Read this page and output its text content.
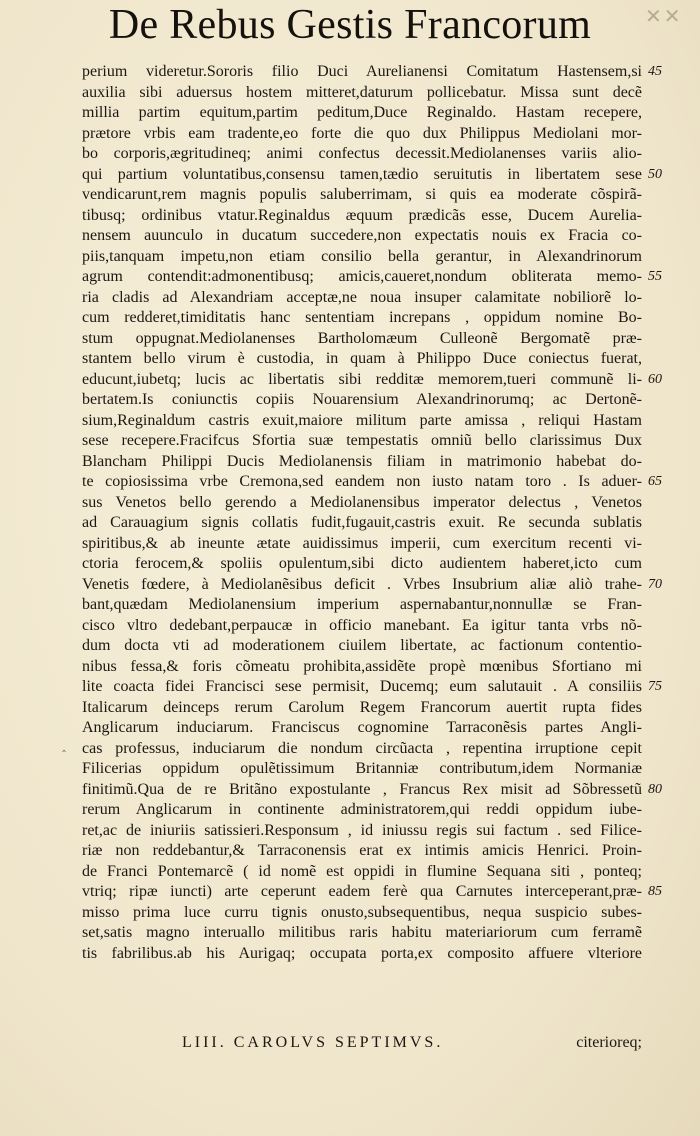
✕✕
De Rebus Gestis Francorum
‸
perium videretur.Sororis filio Duci Aurelianensi Comitatum Hastensem,si 45
auxilia sibi aduersus hostem mitteret,daturum pollicebatur. Missa sunt decẽ
millia partim equitum,partim peditum,Duce Reginaldo. Hastam recepere,
prætore vrbis eam tradente,eo forte die quo dux Philippus Mediolani mor-
bo corporis,ægritudineq; animi confectus decessit.Mediolanenses variis alio-
qui partium voluntatibus,consensu tamen,tædio seruitutis in libertatem sese 50
vendicarunt,rem magnis populis saluberrimam, si quis ea moderate cõspirã-
tibusq; ordinibus vtatur.Reginaldus æquum prædicãs esse, Ducem Aurelia-
nensem auunculo in ducatum succedere,non expectatis nouis ex Fracia co-
piis,tanquam impetu,non etiam consilio bella gerantur, in Alexandrinorum
agrum contendit:admonentibusq; amicis,caueret,nondum obliterata memo- 55
ria cladis ad Alexandriam acceptæ,ne noua insuper calamitate nobiliorẽ lo-
cum redderet,timiditatis hanc sententiam increpans , oppidum nomine Bo-
stum oppugnat.Mediolanenses Bartholomæum Culleonẽ Bergomatẽ præ-
stantem bello virum è custodia, in quam à Philippo Duce coniectus fuerat,
educunt,iubetq; lucis ac libertatis sibi redditæ memorem,tueri communẽ li- 60
bertatem.Is coniunctis copiis Nouarensium Alexandrinorumq; ac Dertonẽ-
sium,Reginaldum castris exuit,maiore militum parte amissa , reliqui Hastam
sese recepere.Fracifcus Sfortia suæ tempestatis omniũ bello clarissimus Dux
Blancham Philippi Ducis Mediolanensis filiam in matrimonio habebat do-
te copiosissima vrbe Cremona,sed eandem non iusto natam toro . Is aduer- 65
sus Venetos bello gerendo a Mediolanensibus imperator delectus , Venetos
ad Carauagium signis collatis fudit,fugauit,castris exuit. Re secunda sublatis
spiritibus,& ab ineunte ætate auidissimus imperii, cum exercitum recenti vi-
ctoria ferocem,& spoliis opulentum,sibi dicto audientem haberet,icto cum
Venetis fœdere, à Mediolanẽsibus deficit . Vrbes Insubrium aliæ aliò trahe- 70
bant,quædam Mediolanensium imperium aspernabantur,nonnullæ se Fran-
cisco vltro dedebant,perpaucæ in officio manebant. Ea igitur tanta vrbs nõ-
dum docta vti ad moderationem ciuilem libertate, ac factionum contentio-
nibus fessa,& foris cõmeatu prohibita,assidẽte propè mœnibus Sfortiano mi
lite coacta fidei Francisci sese permisit, Ducemq; eum salutauit . A consiliis 75
Italicarum deinceps rerum Carolum Regem Francorum auertit rupta fides
Anglicarum induciarum. Franciscus cognomine Tarraconẽsis partes Angli-
cas professus, induciarum die nondum circũacta , repentina irruptione cepit
Filicerias oppidum opulẽtissimum Britanniæ contributum,idem Normaniæ
finitimũ.Qua de re Britãno expostulante , Francus Rex misit ad Sõbressetũ 80
rerum Anglicarum in continente administratorem,qui reddi oppidum iube-
ret,ac de iniuriis satissieri.Responsum , id iniussu regis sui factum . sed Filice-
riæ non reddebantur,& Tarraconensis erat ex intimis amicis Henrici. Proin-
de Franci Pontemarcẽ ( id nomẽ est oppidi in flumine Sequana siti , ponteq;
vtriq; ripæ iuncti) arte ceperunt eadem ferè qua Carnutes interceperant,præ- 85
misso prima luce curru tignis onusto,subsequentibus, nequa suspicio subes-
set,satis magno interuallo militibus raris habitu materiariorum cum ferramẽ
tis fabrilibus.ab his Aurigaq; occupata porta,ex composito affuere vlteriore
LIII. CAROLVS SEPTIMVS.	citerioreq;
